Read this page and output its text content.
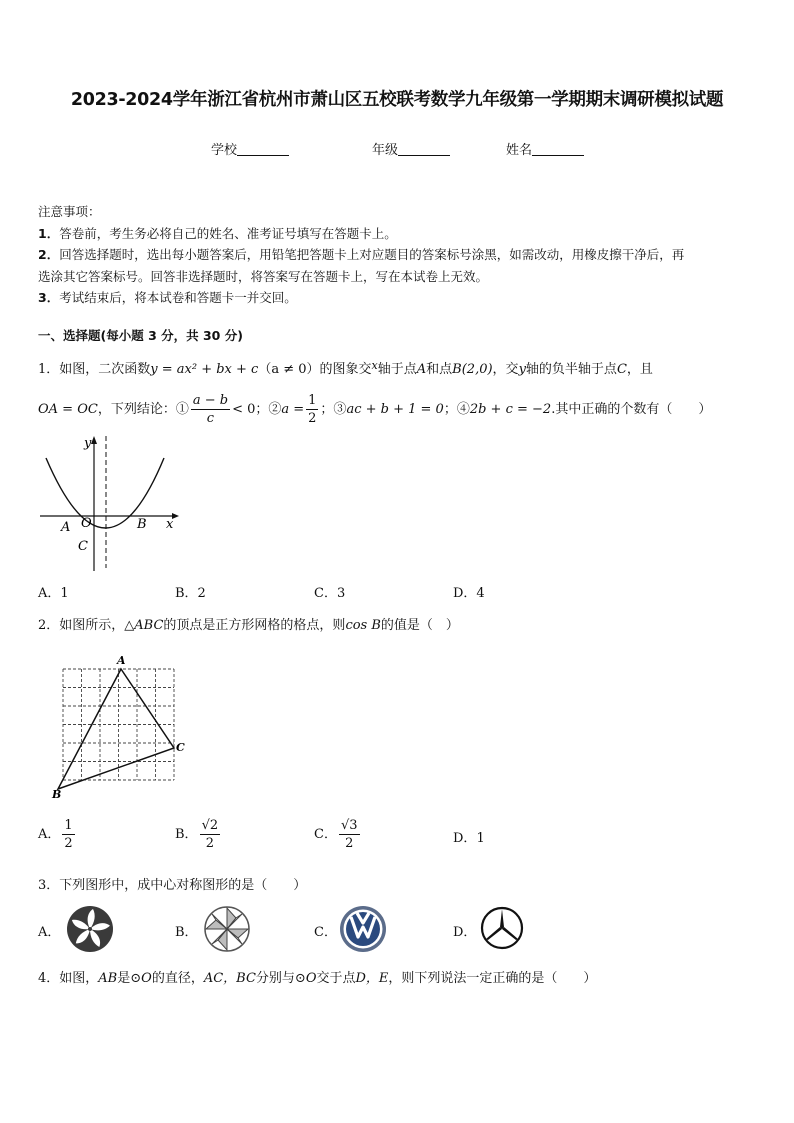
2023-2024学年浙江省杭州市萧山区五校联考数学九年级第一学期期末调研模拟试题
学校	年级	姓名
注意事项：
1．答卷前，考生务必将自己的姓名、准考证号填写在答题卡上。
2．回答选择题时，选出每小题答案后，用铅笔把答题卡上对应题目的答案标号涂黑，如需改动，用橡皮擦干净后，再
选涂其它答案标号。回答非选择题时，将答案写在答题卡上，写在本试卷上无效。
3．考试结束后，将本试卷和答题卡一并交回。
一、选择题(每小题 3 分，共 30 分)
1．如图，二次函数y = ax² + bx + c（a ≠ 0）的图象交$^x$轴于点A和点B(2,0)，交y轴的负半轴于点C，且
OA = OC，下列结论：① $\frac{a - b}{c} < 0$；②a = $\frac{1}{2}$ ；③ac + b + 1 = 0；④2b + c = −2.其中正确的个数有（　　）
y
x
A O	B
C
A．1	B．2	C．3	D．4
2．如图所示，△ABC的顶点是正方形网格的格点，则cos B的值是（　）
A
C
B
A． $\frac{1}{2}$	B． $\frac{√2}{2}$	C． $\frac{√3}{2}$	D．1
3．下列图形中，成中心对称图形的是（　　）
A．	B．	C．	D．
4．如图，AB是⊙O的直径，AC，BC分别与⊙O交于点D，E，则下列说法一定正确的是（　　）
